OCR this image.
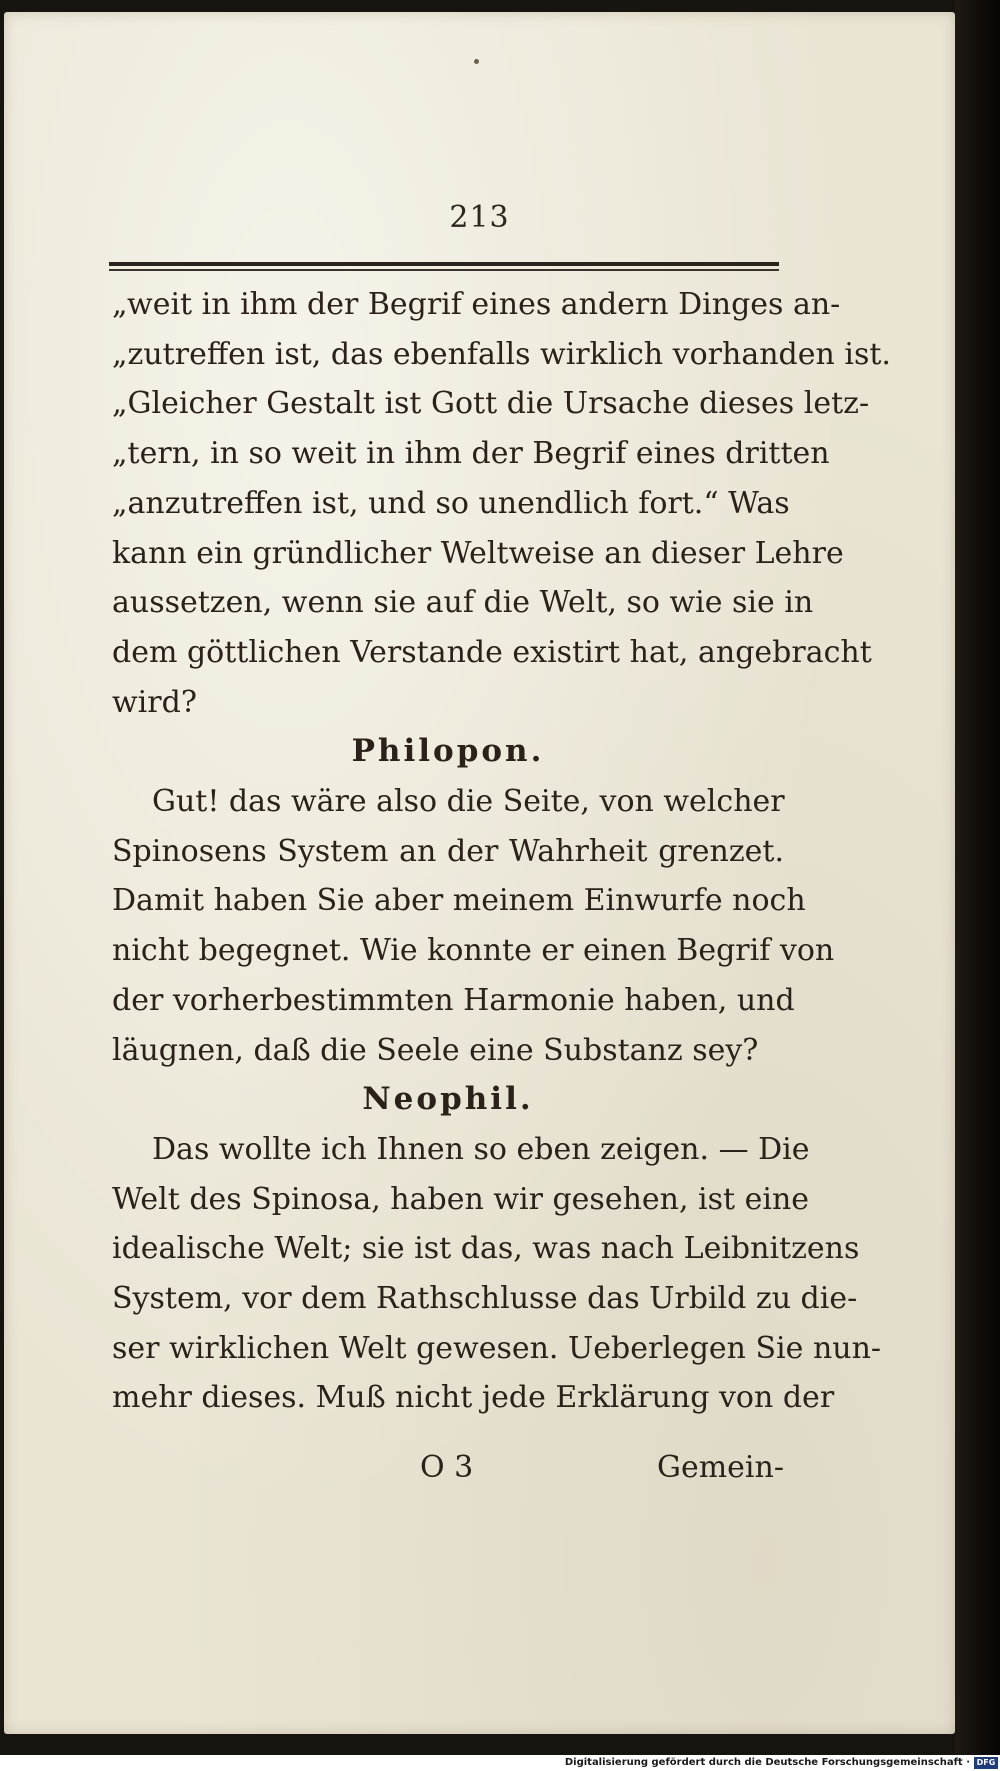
213
„weit in ihm der Begrif eines andern Dinges an-
„zutreffen ist, das ebenfalls wirklich vorhanden ist.
„Gleicher Gestalt ist Gott die Ursache dieses letz-
„tern, in so weit in ihm der Begrif eines dritten
„anzutreffen ist, und so unendlich fort.“ Was
kann ein gründlicher Weltweise an dieser Lehre
aussetzen, wenn sie auf die Welt, so wie sie in
dem göttlichen Verstande existirt hat, angebracht
wird?
Philopon.
Gut! das wäre also die Seite, von welcher
Spinosens System an der Wahrheit grenzet.
Damit haben Sie aber meinem Einwurfe noch
nicht begegnet. Wie konnte er einen Begrif von
der vorherbestimmten Harmonie haben, und
läugnen, daß die Seele eine Substanz sey?
Neophil.
Das wollte ich Ihnen so eben zeigen. — Die
Welt des Spinosa, haben wir gesehen, ist eine
idealische Welt; sie ist das, was nach Leibnitzens
System, vor dem Rathschlusse das Urbild zu die-
ser wirklichen Welt gewesen. Ueberlegen Sie nun-
mehr dieses. Muß nicht jede Erklärung von der
O 3	Gemein-
Digitalisierung gefördert durch die Deutsche Forschungsgemeinschaft · DFG
